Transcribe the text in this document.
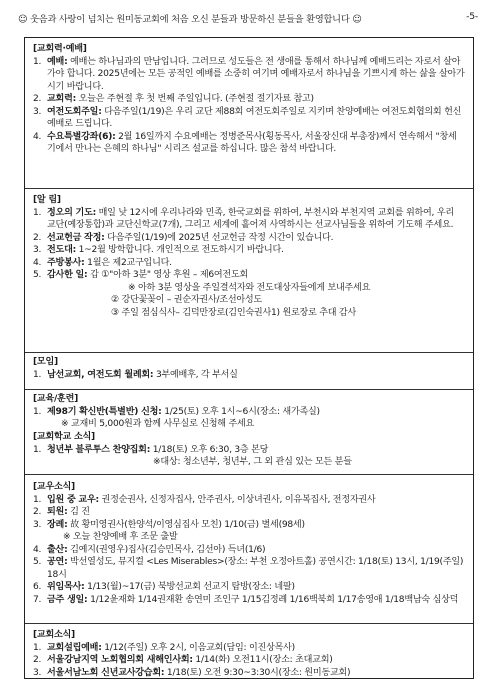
☺ 웃음과 사랑이 넘치는 원미동교회에 처음 오신 분들과 방문하신 분들을 환영합니다 ☺	-5-
[교회력·예배]
1. 예배: 예배는 하나님과의 만남입니다. 그러므로 성도들은 전 생애를 통해서 하나님께 예배드리는 자로서 살아가야 합니다. 2025년에는 모든 공적인 예배를 소중히 여기며 예배자로서 하나님을 기쁘시게 하는 삶을 살아가시기 바랍니다.
2. 교회력: 오늘은 주현절 후 첫 번째 주일입니다. (주현절 절기자료 참고)
3. 여전도회주일: 다음주일(1/19)은 우리 교단 제88회 여전도회주일로 지키며 찬양예배는 여전도회협의회 헌신예배로 드립니다.
4. 수요특별강좌(6): 2월 16일까지 수요예배는 정병준목사(횡동목사, 서울장신대 부총장)께서 연속해서 "창세기에서 만나는 은혜의 하나님" 시리즈 설교를 하십니다. 많은 참석 바랍니다.
[알 림]
1. 정오의 기도: 매일 낮 12시에 우리나라와 민족, 한국교회를 위하여, 부천시와 부천지역 교회를 위하여, 우리 교단(예장통합)과 교단신학교(7개), 그리고 세계에 흩어져 사역하시는 선교사님들을 위하여 기도해 주세요.
2. 선교헌금 작정: 다음주일(1/19)에 2025년 선교헌금 작정 시간이 있습니다.
3. 전도대: 1~2월 방학합니다. 개인적으로 전도하시기 바랍니다.
4. 주방봉사: 1월은 제2교구입니다.
5. 감사한 일: 갑 ①"아하 3분" 영상 후원 – 제6여전도회
※ 아하 3분 영상을 주일결석자와 전도대상자들에게 보내주세요
② 강단꽃꽂이 – 권순자권사/조선아성도
③ 주일 점심식사– 김덕만장로(김인숙권사1) 원로장로 추대 감사
[모임]
1. 남선교회, 여전도회 월례회: 3부예배후, 각 부서실
[교육/훈련]
1. 제98기 확신반(특별반) 신청: 1/25(토) 오후 1시~6시(장소: 새가족실)
※ 교재비 5,000원과 함께 사무실로 신청해 주세요
[교회학교 소식]
1. 청년부 블루투스 찬양집회: 1/18(토) 오후 6:30, 3층 본당
※대상: 청소년부, 청년부, 그 외 관심 있는 모든 분들
[교우소식]
1. 입원 중 교우: 권정순권사, 신정자집사, 안주권사, 이상녀권사, 이유복집사, 전정자권사
2. 퇴원: 김 진
3. 장례: 故 황미영권사(한양석/이영심집사 모친) 1/10(금) 별세(98세)
※ 오늘 찬양예배 후 조문 출발
4. 출산: 김예지(권영우)집사(김승민목사, 김선아) 득녀(1/6)
5. 공연: 박선열성도, 뮤지컬 <Les Miserables>(장소: 부천 오정아트홀) 공연시간: 1/18(토) 13시, 1/19(주일) 18시
6. 위임목사: 1/13(월)~17(금) 북방선교회 선교지 탐방(장소: 네팔)
7. 금주 생일: 1/12윤재화 1/14권재환 송연미 조인구 1/15김정례 1/16백북희 1/17송영애 1/18백남숙 심상덕
[교회소식]
1. 교회설립예배: 1/12(주일) 오후 2시, 이음교회(담임: 이진상목사)
2. 서울강남지역 노회협의회 새해인사회: 1/14(화) 오전11시(장소: 초대교회)
3. 서울서남노회 신년교사강습회: 1/18(토) 오전 9:30~3:30시(장소: 원미동교회)
